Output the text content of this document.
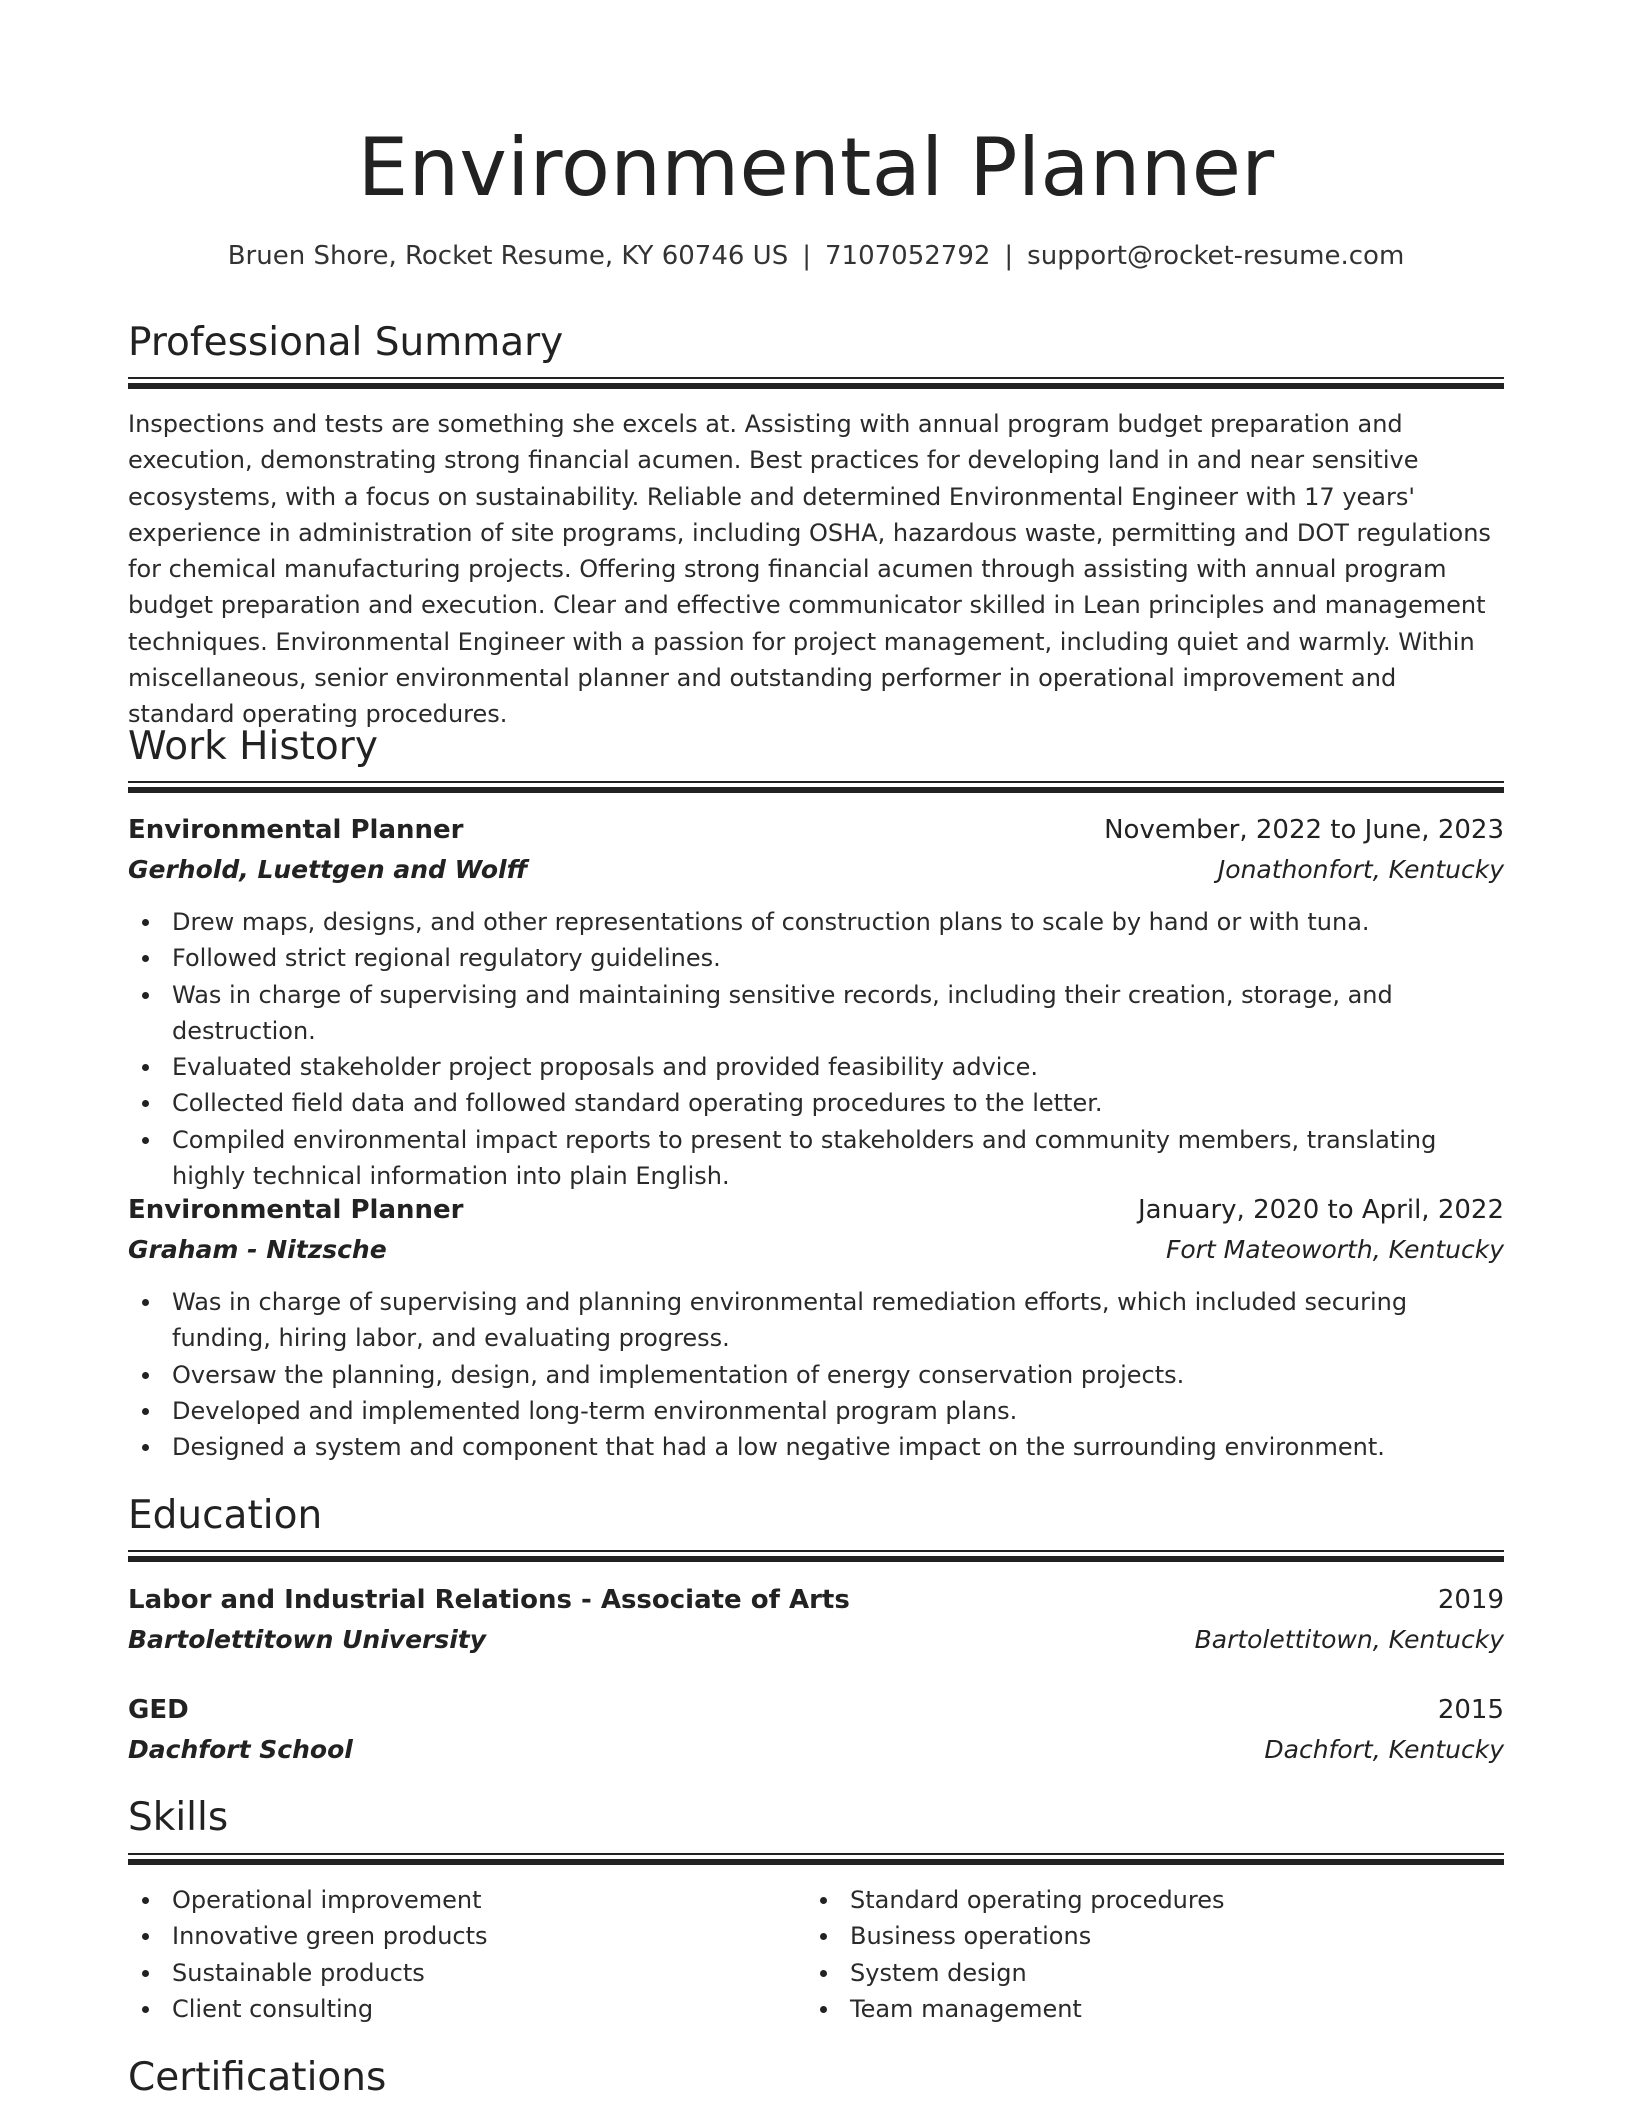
Environmental Planner
Bruen Shore, Rocket Resume, KY 60746 US | 7107052792 | support@rocket-resume.com
Professional Summary
Inspections and tests are something she excels at. Assisting with annual program budget preparation and execution, demonstrating strong financial acumen. Best practices for developing land in and near sensitive ecosystems, with a focus on sustainability. Reliable and determined Environmental Engineer with 17 years' experience in administration of site programs, including OSHA, hazardous waste, permitting and DOT regulations for chemical manufacturing projects. Offering strong financial acumen through assisting with annual program budget preparation and execution. Clear and effective communicator skilled in Lean principles and management techniques. Environmental Engineer with a passion for project management, including quiet and warmly. Within miscellaneous, senior environmental planner and outstanding performer in operational improvement and standard operating procedures.
Work History
Environmental Planner	November, 2022 to June, 2023
Gerhold, Luettgen and Wolff	Jonathonfort, Kentucky
Drew maps, designs, and other representations of construction plans to scale by hand or with tuna.
Followed strict regional regulatory guidelines.
Was in charge of supervising and maintaining sensitive records, including their creation, storage, and destruction.
Evaluated stakeholder project proposals and provided feasibility advice.
Collected field data and followed standard operating procedures to the letter.
Compiled environmental impact reports to present to stakeholders and community members, translating highly technical information into plain English.
Environmental Planner	January, 2020 to April, 2022
Graham - Nitzsche	Fort Mateoworth, Kentucky
Was in charge of supervising and planning environmental remediation efforts, which included securing funding, hiring labor, and evaluating progress.
Oversaw the planning, design, and implementation of energy conservation projects.
Developed and implemented long-term environmental program plans.
Designed a system and component that had a low negative impact on the surrounding environment.
Education
Labor and Industrial Relations - Associate of Arts	2019
Bartolettitown University	Bartolettitown, Kentucky
GED	2015
Dachfort School	Dachfort, Kentucky
Skills
Operational improvement
Innovative green products
Sustainable products
Client consulting
Standard operating procedures
Business operations
System design
Team management
Certifications
